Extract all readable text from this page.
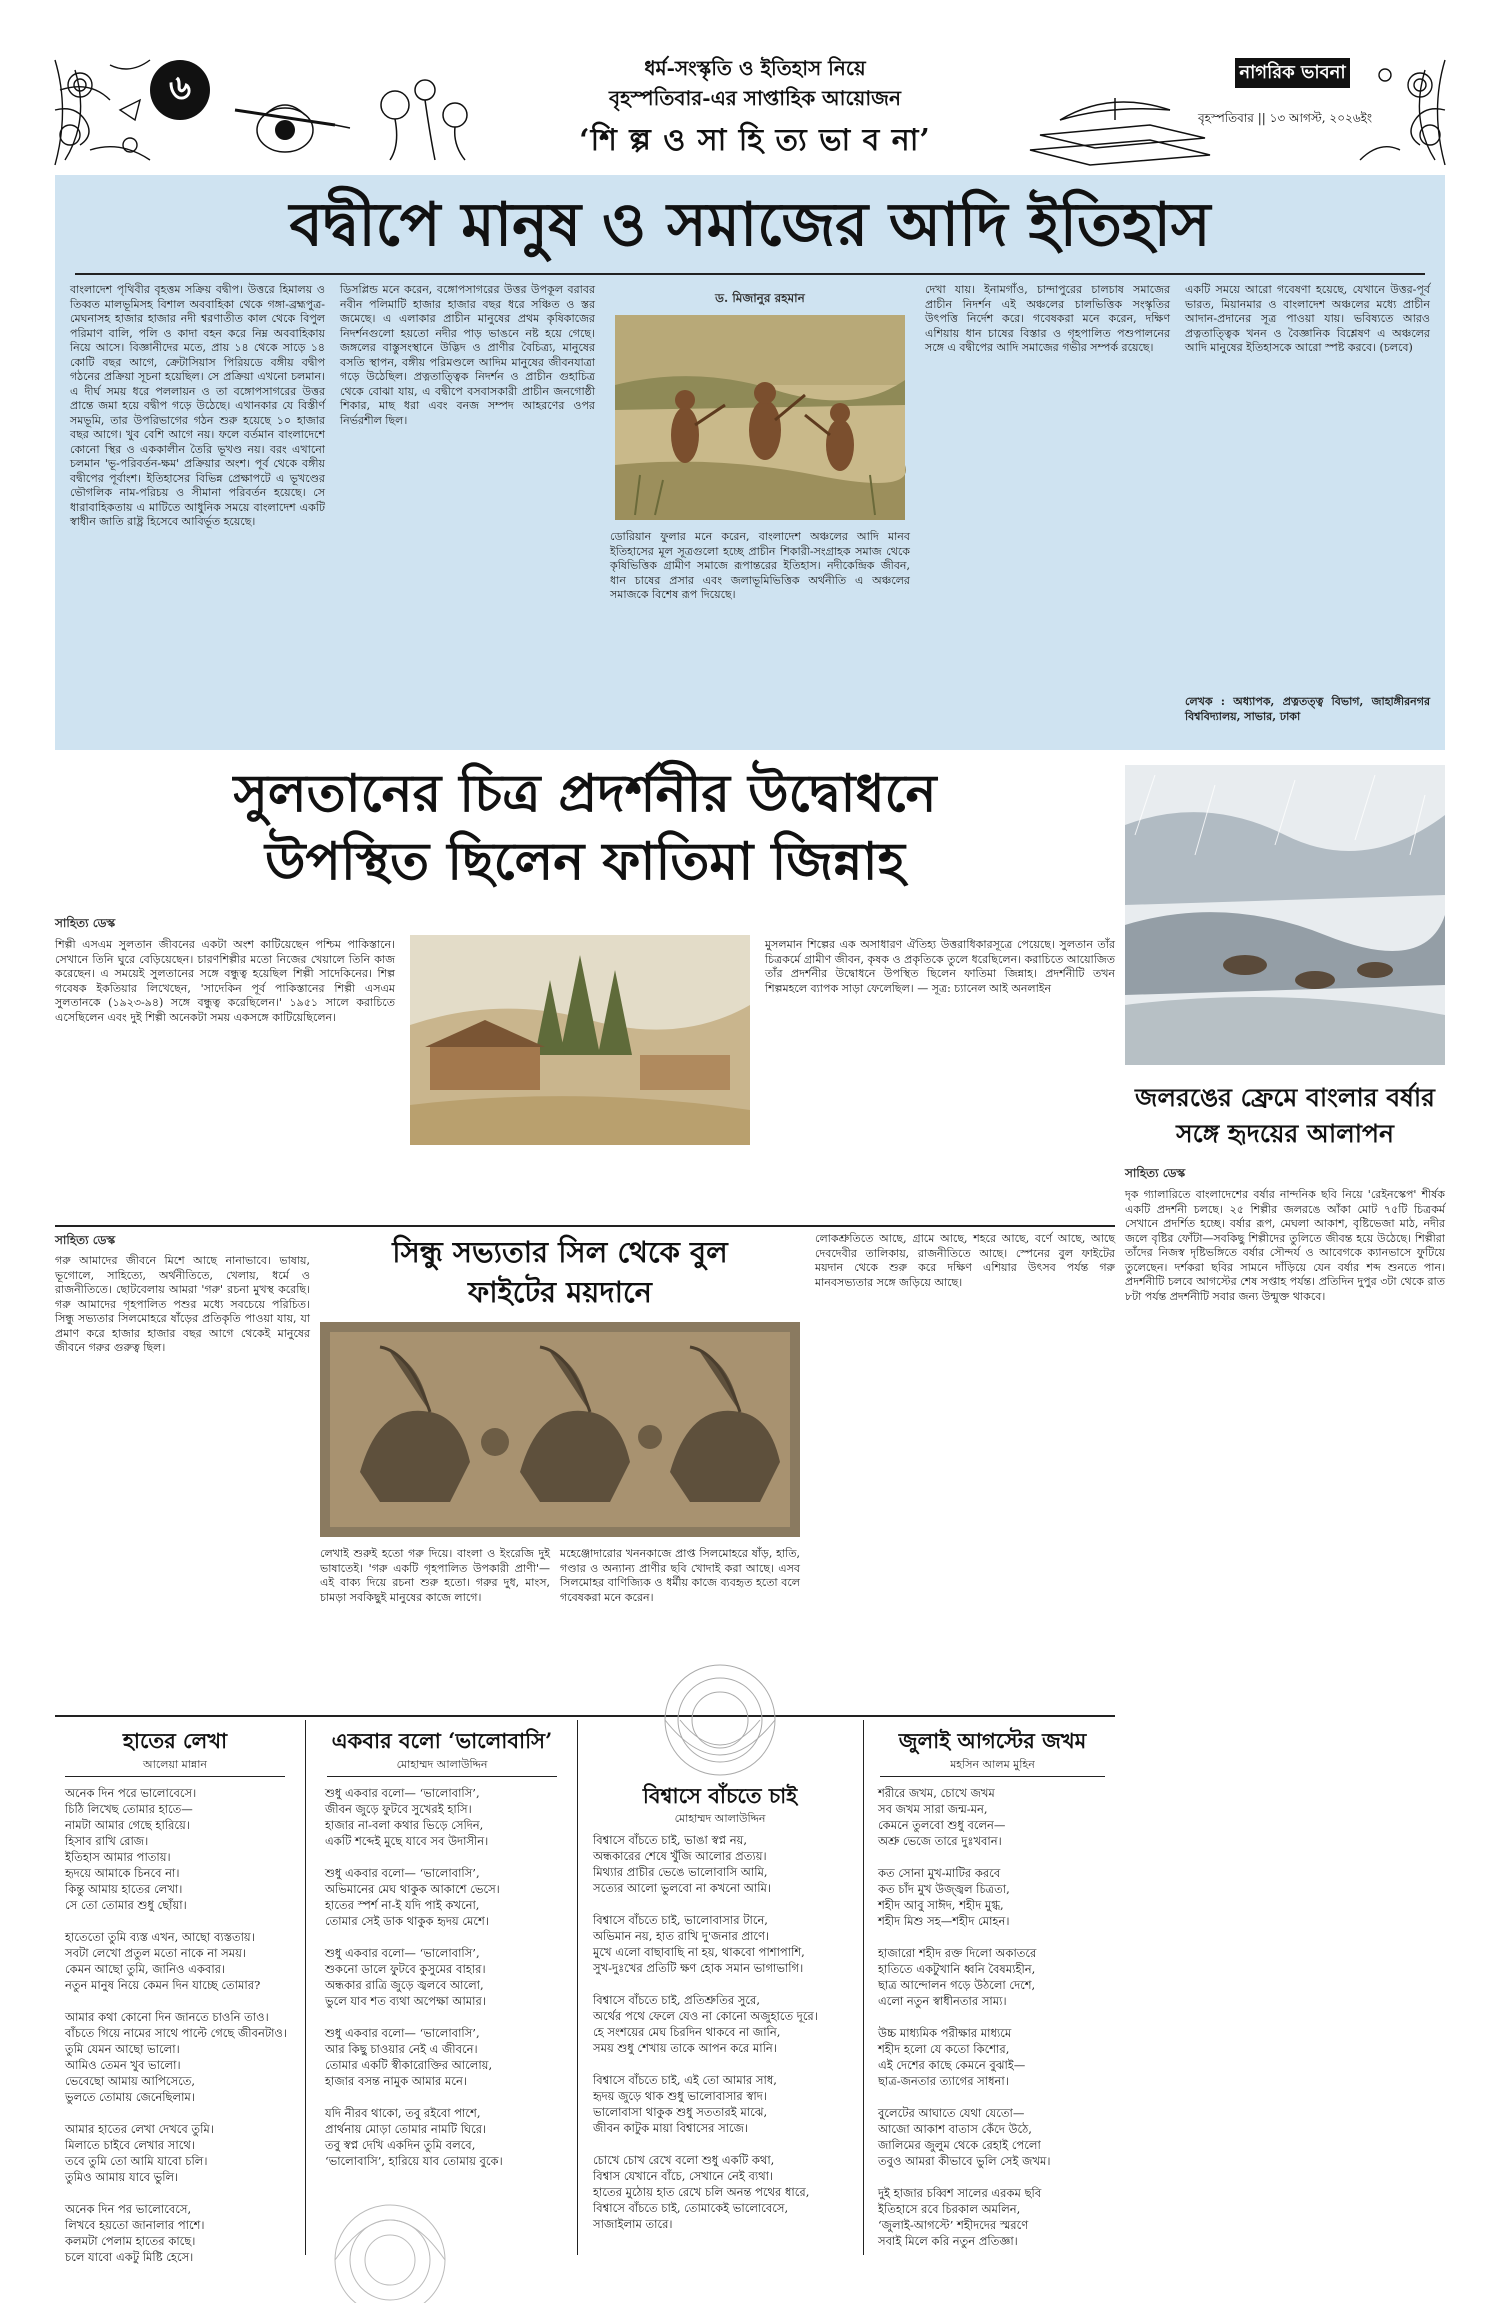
৬	ধর্ম-সংস্কৃতি ও ইতিহাস নিয়ে
বৃহস্পতিবার-এর সাপ্তাহিক আয়োজন
‘শি ল্প ও সা হি ত্য ভা ব না’
নাগরিক ভাবনা
বৃহস্পতিবার || ১৩ আগস্ট, ২০২৬ইং
বদ্বীপে মানুষ ও সমাজের আদি ইতিহাস
বাংলাদেশ পৃথিবীর বৃহত্তম সক্রিয় বদ্বীপ। উত্তরে হিমালয় ও তিব্বত মালভূমিসহ বিশাল অববাহিকা থেকে গঙ্গা-ব্রহ্মপুত্র-মেঘনাসহ হাজার হাজার নদী শ্বরণাতীত কাল থেকে বিপুল পরিমাণ বালি, পলি ও কাদা বহন করে নিম্ন অববাহিকায় নিয়ে আসে। বিজ্ঞানীদের মতে, প্রায় ১৪ থেকে সাড়ে ১৪ কোটি বছর আগে, ক্রেটাসিয়াস পিরিয়ডে বঙ্গীয় বদ্বীপ গঠনের প্রক্রিয়া সূচনা হয়েছিল। সে প্রক্রিয়া এখনো চলমান। এ দীর্ঘ সময় ধরে পললায়ন ও তা বঙ্গোপসাগরের উত্তর প্রান্তে জমা হয়ে বদ্বীপ গড়ে উঠেছে। এখানকার যে বিস্তীর্ণ সমভূমি, তার উপরিভাগের গঠন শুরু হয়েছে ১০ হাজার বছর আগে। খুব বেশি আগে নয়। ফলে বর্তমান বাংলাদেশে কোনো স্থির ও এককালীন তৈরি ভূখণ্ড নয়। বরং এখানো চলমান 'ভূ-পরিবর্তন-ক্ষম' প্রক্রিয়ার অংশ। পূর্ব থেকে বঙ্গীয় বদ্বীপের পূর্বাংশ। ইতিহাসের বিভিন্ন প্রেক্ষাপটে এ ভূখণ্ডের ভৌগলিক নাম-পরিচয় ও সীমানা পরিবর্তন হয়েছে। সে ধারাবাহিকতায় এ মাটিতে আধুনিক সময়ে বাংলাদেশ একটি স্বাধীন জাতি রাষ্ট্র হিসেবে আবির্ভূত হয়েছে।
ডিসপ্লিন্ড মনে করেন, বঙ্গোপসাগরের উত্তর উপকূল বরাবর নবীন পলিমাটি হাজার হাজার বছর ধরে সঞ্চিত ও স্তর জমেছে। এ এলাকার প্রাচীন মানুষের প্রথম কৃষিকাজের নিদর্শনগুলো হয়তো নদীর পাড় ভাঙনে নষ্ট হয়ে গেছে। জঙ্গলের বাস্তুসংস্থানে উদ্ভিদ ও প্রাণীর বৈচিত্র্য, মানুষের বসতি স্থাপন, বঙ্গীয় পরিমণ্ডলে আদিম মানুষের জীবনযাত্রা গড়ে উঠেছিল। প্রত্নতাত্ত্বিক নিদর্শন ও প্রাচীন গুহাচিত্র থেকে বোঝা যায়, এ বদ্বীপে বসবাসকারী প্রাচীন জনগোষ্ঠী শিকার, মাছ ধরা এবং বনজ সম্পদ আহরণের ওপর নির্ভরশীল ছিল।
ড. মিজানুর রহমান
ডোরিয়ান ফুলার মনে করেন, বাংলাদেশ অঞ্চলের আদি মানব ইতিহাসের মূল সূত্রগুলো হচ্ছে প্রাচীন শিকারী-সংগ্রাহক সমাজ থেকে কৃষিভিত্তিক গ্রামীণ সমাজে রূপান্তরের ইতিহাস। নদীকেন্দ্রিক জীবন, ধান চাষের প্রসার এবং জলাভূমিভিত্তিক অর্থনীতি এ অঞ্চলের সমাজকে বিশেষ রূপ দিয়েছে।
দেখা যায়। ইনামগাঁও, চান্দাপুরের চালচাষ সমাজের প্রাচীন নিদর্শন এই অঞ্চলের চালভিত্তিক সংস্কৃতির উৎপত্তি নির্দেশ করে। গবেষকরা মনে করেন, দক্ষিণ এশিয়ায় ধান চাষের বিস্তার ও গৃহপালিত পশুপালনের সঙ্গে এ বদ্বীপের আদি সমাজের গভীর সম্পর্ক রয়েছে।
একটি সময়ে আরো গবেষণা হয়েছে, যেখানে উত্তর-পূর্ব ভারত, মিয়ানমার ও বাংলাদেশ অঞ্চলের মধ্যে প্রাচীন আদান-প্রদানের সূত্র পাওয়া যায়। ভবিষ্যতে আরও প্রত্নতাত্ত্বিক খনন ও বৈজ্ঞানিক বিশ্লেষণ এ অঞ্চলের আদি মানুষের ইতিহাসকে আরো স্পষ্ট করবে। (চলবে)
লেখক : অধ্যাপক, প্রত্নতত্ত্ব বিভাগ, জাহাঙ্গীরনগর বিশ্ববিদ্যালয়, সাভার, ঢাকা
সুলতানের চিত্র প্রদর্শনীর উদ্বোধনে
উপস্থিত ছিলেন ফাতিমা জিন্নাহ
সাহিত্য ডেস্ক
শিল্পী এসএম সুলতান জীবনের একটা অংশ কাটিয়েছেন পশ্চিম পাকিস্তানে। সেখানে তিনি ঘুরে বেড়িয়েছেন। চারণশিল্পীর মতো নিজের খেয়ালে তিনি কাজ করেছেন। এ সময়েই সুলতানের সঙ্গে বন্ধুত্ব হয়েছিল শিল্পী সাদেকিনের। শিল্প গবেষক ইকতিয়ার লিখেছেন, 'সাদেকিন পূর্ব পাকিস্তানের শিল্পী এসএম সুলতানকে (১৯২৩-৯৪) সঙ্গে বন্ধুত্ব করেছিলেন।' ১৯৫১ সালে করাচিতে এসেছিলেন এবং দুই শিল্পী অনেকটা সময় একসঙ্গে কাটিয়েছিলেন।
মুসলমান শিল্পের এক অসাধারণ ঐতিহ্য উত্তরাধিকারসূত্রে পেয়েছে। সুলতান তাঁর চিত্রকর্মে গ্রামীণ জীবন, কৃষক ও প্রকৃতিকে তুলে ধরেছিলেন। করাচিতে আয়োজিত তাঁর প্রদর্শনীর উদ্বোধনে উপস্থিত ছিলেন ফাতিমা জিন্নাহ। প্রদর্শনীটি তখন শিল্পমহলে ব্যাপক সাড়া ফেলেছিল। — সূত্র: চ্যানেল আই অনলাইন
জলরঙের ফ্রেমে বাংলার বর্ষার
সঙ্গে হৃদয়ের আলাপন
সাহিত্য ডেস্ক
দৃক গ্যালারিতে বাংলাদেশের বর্ষার নান্দনিক ছবি নিয়ে 'রেইনস্কেপ' শীর্ষক একটি প্রদর্শনী চলছে। ২৫ শিল্পীর জলরঙে আঁকা মোট ৭৫টি চিত্রকর্ম সেখানে প্রদর্শিত হচ্ছে। বর্ষার রূপ, মেঘলা আকাশ, বৃষ্টিভেজা মাঠ, নদীর জলে বৃষ্টির ফোঁটা—সবকিছু শিল্পীদের তুলিতে জীবন্ত হয়ে উঠেছে। শিল্পীরা তাঁদের নিজস্ব দৃষ্টিভঙ্গিতে বর্ষার সৌন্দর্য ও আবেগকে ক্যানভাসে ফুটিয়ে তুলেছেন। দর্শকরা ছবির সামনে দাঁড়িয়ে যেন বর্ষার শব্দ শুনতে পান। প্রদর্শনীটি চলবে আগস্টের শেষ সপ্তাহ পর্যন্ত। প্রতিদিন দুপুর ৩টা থেকে রাত ৮টা পর্যন্ত প্রদর্শনীটি সবার জন্য উন্মুক্ত থাকবে।
সাহিত্য ডেস্ক
গরু আমাদের জীবনে মিশে আছে নানাভাবে। ভাষায়, ভূগোলে, সাহিত্যে, অর্থনীতিতে, খেলায়, ধর্মে ও রাজনীতিতে। ছোটবেলায় আমরা 'গরু' রচনা মুখস্থ করেছি। গরু আমাদের গৃহপালিত পশুর মধ্যে সবচেয়ে পরিচিত। সিন্ধু সভ্যতার সিলমোহরে ষাঁড়ের প্রতিকৃতি পাওয়া যায়, যা প্রমাণ করে হাজার হাজার বছর আগে থেকেই মানুষের জীবনে গরুর গুরুত্ব ছিল।
সিন্ধু সভ্যতার সিল থেকে বুল
ফাইটের ময়দানে
লেখাই শুরুই হতো গরু দিয়ে। বাংলা ও ইংরেজি দুই ভাষাতেই। 'গরু একটি গৃহপালিত উপকারী প্রাণী'—এই বাক্য দিয়ে রচনা শুরু হতো। গরুর দুধ, মাংস, চামড়া সবকিছুই মানুষের কাজে লাগে।
মহেঞ্জোদারোর খননকাজে প্রাপ্ত সিলমোহরে ষাঁড়, হাতি, গণ্ডার ও অন্যান্য প্রাণীর ছবি খোদাই করা আছে। এসব সিলমোহর বাণিজ্যিক ও ধর্মীয় কাজে ব্যবহৃত হতো বলে গবেষকরা মনে করেন।
লোকশ্রুতিতে আছে, গ্রামে আছে, শহরে আছে, বর্ণে আছে, আছে দেবদেবীর তালিকায়, রাজনীতিতে আছে। স্পেনের বুল ফাইটের ময়দান থেকে শুরু করে দক্ষিণ এশিয়ার উৎসব পর্যন্ত গরু মানবসভ্যতার সঙ্গে জড়িয়ে আছে।
হাতের লেখা
আলেয়া মান্নান
অনেক দিন পরে ভালোবেসে।
চিঠি লিখেছ তোমার হাতে—
নামটা আমার গেছে হারিয়ে।
হিসাব রাখি রোজ।
ইতিহাস আমার পাতায়।
হৃদয়ে আমাকে চিনবে না।
কিন্তু আমায় হাতের লেখা।
সে তো তোমার শুধু ছোঁয়া।

হাতেতো তুমি ব্যস্ত এখন, আছো ব্যস্ততায়।
সবটা লেখো প্রতুল মতো নাকে না সময়।
কেমন আছো তুমি, জানিও একবার।
নতুন মানুষ নিয়ে কেমন দিন যাচ্ছে তোমার?

আমার কথা কোনো দিন জানতে চাওনি তাও।
বাঁচতে গিয়ে নামের সাথে পাল্টে গেছে জীবনটাও।
তুমি যেমন আছো ভালো।
আমিও তেমন খুব ভালো।
ভেবেছো আমায় আপিসেতে,
ভুলতে তোমায় জেনেছিলাম।

আমার হাতের লেখা দেখবে তুমি।
মিলাতে চাইবে লেখার সাথে।
তবে তুমি তো আমি যাবো চলি।
তুমিও আমায় যাবে ভুলি।

অনেক দিন পর ভালোবেসে,
লিখবে হয়তো জানালার পাশে।
কলমটা পেলাম হাতের কাছে।
চলে যাবো একটু মিষ্টি হেসে।
একবার বলো ‘ভালোবাসি’
মোহাম্মদ আলাউদ্দিন
শুধু একবার বলো— ‘ভালোবাসি’,
জীবন জুড়ে ফুটবে সুখেরই হাসি।
হাজার না-বলা কথার ভিড়ে সেদিন,
একটি শব্দেই মুছে যাবে সব উদাসীন।

শুধু একবার বলো— ‘ভালোবাসি’,
অভিমানের মেঘ থাকুক আকাশে ভেসে।
হাতের স্পর্শ না-ই যদি পাই কখনো,
তোমার সেই ডাক থাকুক হৃদয় মেশে।

শুধু একবার বলো— ‘ভালোবাসি’,
শুকনো ডালে ফুটবে কুসুমের বাহার।
অন্ধকার রাত্রি জুড়ে জ্বলবে আলো,
ভুলে যাব শত ব্যথা অপেক্ষা আমার।

শুধু একবার বলো— ‘ভালোবাসি’,
আর কিছু চাওয়ার নেই এ জীবনে।
তোমার একটি স্বীকারোক্তির আলোয়,
হাজার বসন্ত নামুক আমার মনে।

যদি নীরব থাকো, তবু রইবো পাশে,
প্রার্থনায় মোড়া তোমার নামটি ঘিরে।
তবু স্বপ্ন দেখি একদিন তুমি বলবে,
‘ভালোবাসি’, হারিয়ে যাব তোমায় বুকে।
বিশ্বাসে বাঁচতে চাই
মোহাম্মদ আলাউদ্দিন
বিশ্বাসে বাঁচতে চাই, ভাঙা স্বপ্ন নয়,
অন্ধকারের শেষে খুঁজি আলোর প্রত্যয়।
মিথ্যার প্রাচীর ভেঙে ভালোবাসি আমি,
সত্যের আলো ভুলবো না কখনো আমি।

বিশ্বাসে বাঁচতে চাই, ভালোবাসার টানে,
অভিমান নয়, হাত রাখি দু'জনার প্রাণে।
মুখে এলো বাছাবাছি না হয়, থাকবো পাশাপাশি,
সুখ-দুঃখের প্রতিটি ক্ষণ হোক সমান ভাগাভাগি।

বিশ্বাসে বাঁচতে চাই, প্রতিশ্রুতির সুরে,
অর্থের পথে ফেলে যেও না কোনো অজুহাতে দূরে।
হে সংশয়ের মেঘ চিরদিন থাকবে না জানি,
সময় শুধু শেখায় তাকে আপন করে মানি।

বিশ্বাসে বাঁচতে চাই, এই তো আমার সাধ,
হৃদয় জুড়ে থাক শুধু ভালোবাসার স্বাদ।
ভালোবাসা থাকুক শুধু সততারই মাঝে,
জীবন কাটুক মায়া বিশ্বাসের সাজে।

চোখে চোখ রেখে বলো শুধু একটি কথা,
বিশ্বাস যেখানে বাঁচে, সেখানে নেই ব্যথা।
হাতের মুঠোয় হাত রেখে চলি অনন্ত পথের ধারে,
বিশ্বাসে বাঁচতে চাই, তোমাকেই ভালোবেসে,
সাজাইলাম তারে।
জুলাই আগস্টের জখম
মহসিন আলম মুহিন
শরীরে জখম, চোখে জখম
সব জখম সারা জন্ম-মন,
কেমনে তুলবো শুধু বলেন—
অশ্রু ভেজে তারে দুঃখবান।

কত সোনা মুখ-মাটির করবে
কত চাঁদ মুখ উজ্জ্বল চিত্রতা,
শহীদ আবু সাঈদ, শহীদ মুগ্ধ,
শহীদ মিশু সহ—শহীদ মোহন।

হাজারো শহীদ রক্ত দিলো অকাতরে
হাতিতে একটুখানি ধ্বনি বৈষম্যহীন,
ছাত্র আন্দোলন গড়ে উঠলো দেশে,
এলো নতুন স্বাধীনতার সাম্য।

উচ্চ মাধ্যমিক পরীক্ষার মাধ্যমে
শহীদ হলো যে কতো কিশোর,
এই দেশের কাছে কেমনে বুঝাই—
ছাত্র-জনতার ত্যাগের সাধনা।

বুলেটের আঘাতে যেথা যেতো—
আজো আকাশ বাতাস কেঁদে উঠে,
জালিমের জুলুম থেকে রেহাই পেলো
তবুও আমরা কীভাবে ভুলি সেই জখম।

দুই হাজার চব্বিশ সালের এরকম ছবি
ইতিহাসে রবে চিরকাল অমলিন,
‘জুলাই-আগস্টে’ শহীদদের স্মরণে
সবাই মিলে করি নতুন প্রতিজ্ঞা।
